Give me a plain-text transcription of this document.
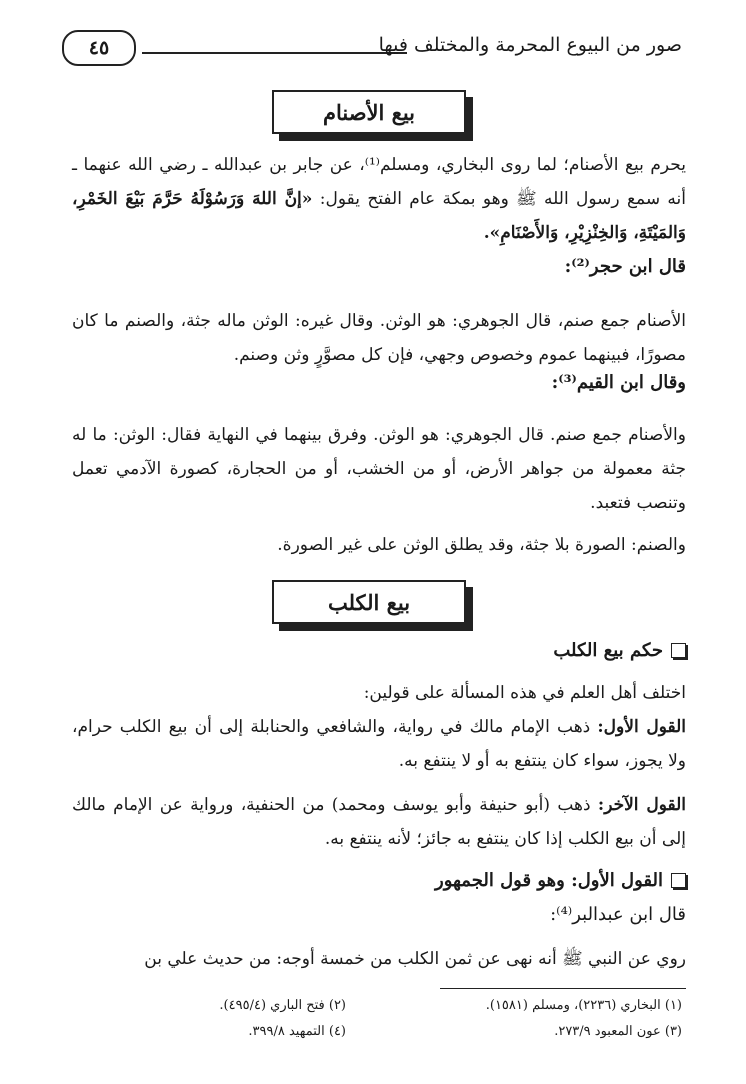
٤٥	صور من البيوع المحرمة والمختلف فيها
بيع الأصنام
يحرم بيع الأصنام؛ لما روى البخاري، ومسلم⁽¹⁾، عن جابر بن عبدالله ـ رضي الله عنهما ـ أنه سمع رسول الله ﷺ وهو بمكة عام الفتح يقول: «إنَّ اللهَ وَرَسُوْلَهُ حَرَّمَ بَيْعَ الخَمْرِ، وَالمَيْتَةِ، وَالخِنْزِيْرِ، وَالأَصْنَامِ».
قال ابن حجر⁽²⁾:
الأصنام جمع صنم، قال الجوهري: هو الوثن. وقال غيره: الوثن ماله جثة، والصنم ما كان مصورًا، فبينهما عموم وخصوص وجهي، فإن كل مصوَّرٍ وثن وصنم.
وقال ابن القيم⁽³⁾:
والأصنام جمع صنم. قال الجوهري: هو الوثن. وفرق بينهما في النهاية فقال: الوثن: ما له جثة معمولة من جواهر الأرض، أو من الخشب، أو من الحجارة، كصورة الآدمي تعمل وتنصب فتعبد.
والصنم: الصورة بلا جثة، وقد يطلق الوثن على غير الصورة.
بيع الكلب
حكم بيع الكلب
اختلف أهل العلم في هذه المسألة على قولين:
القول الأول: ذهب الإمام مالك في رواية، والشافعي والحنابلة إلى أن بيع الكلب حرام، ولا يجوز، سواء كان ينتفع به أو لا ينتفع به.
القول الآخر: ذهب (أبو حنيفة وأبو يوسف ومحمد) من الحنفية، ورواية عن الإمام مالك إلى أن بيع الكلب إذا كان ينتفع به جائز؛ لأنه ينتفع به.
القول الأول: وهو قول الجمهور
قال ابن عبدالبر⁽⁴⁾:
روي عن النبي ﷺ أنه نهى عن ثمن الكلب من خمسة أوجه: من حديث علي بن
(١) البخاري (٢٢٣٦)، ومسلم (١٥٨١).
(٢) فتح الباري (٤٩٥/٤).
(٣) عون المعبود ٢٧٣/٩.
(٤) التمهيد ٣٩٩/٨.
